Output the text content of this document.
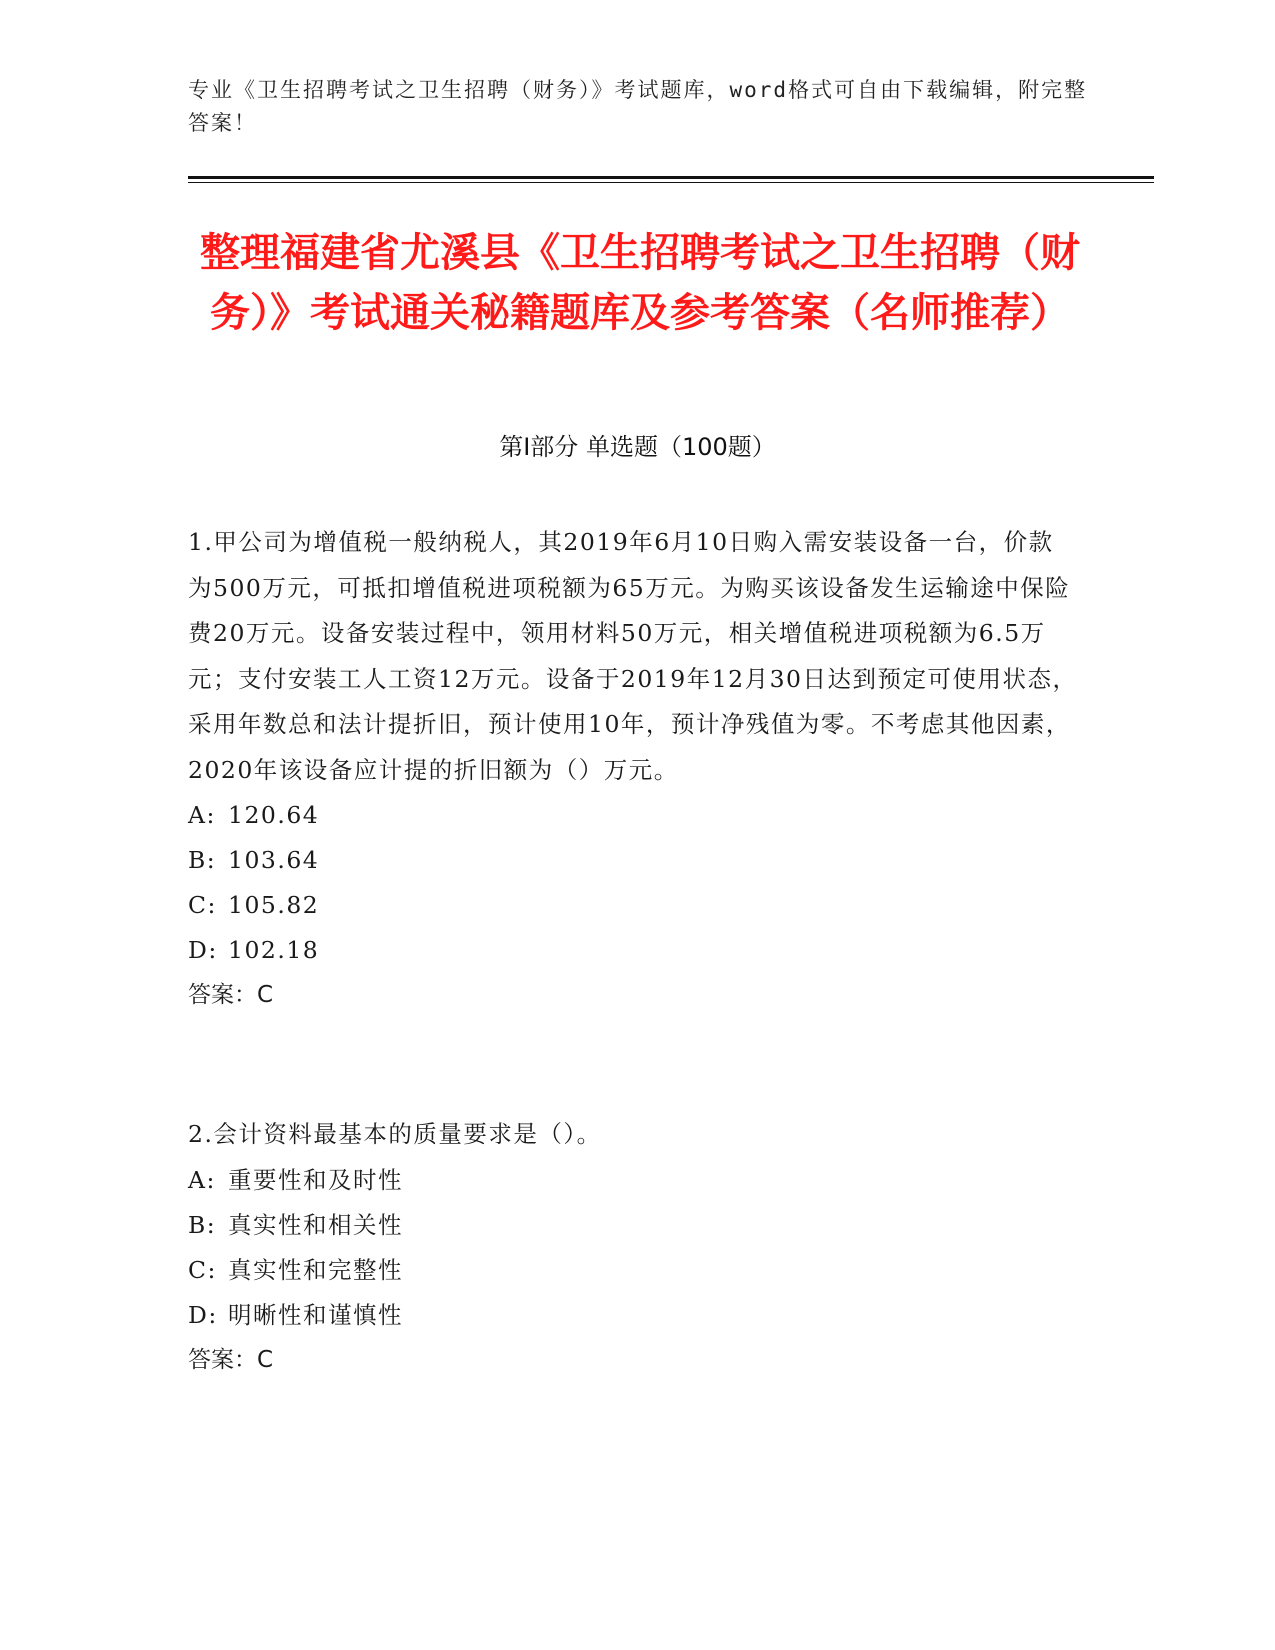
专业《卫生招聘考试之卫生招聘（财务）》考试题库，word格式可自由下载编辑，附完整答案！
整理福建省尤溪县《卫生招聘考试之卫生招聘（财务）》考试通关秘籍题库及参考答案（名师推荐）
第Ⅰ部分 单选题（100题）

1.甲公司为增值税一般纳税人，其2019年6月10日购入需安装设备一台，价款为500万元，可抵扣增值税进项税额为65万元。为购买该设备发生运输途中保险费20万元。设备安装过程中，领用材料50万元，相关增值税进项税额为6.5万元；支付安装工人工资12万元。设备于2019年12月30日达到预定可使用状态，采用年数总和法计提折旧，预计使用10年，预计净残值为零。不考虑其他因素，2020年该设备应计提的折旧额为（）万元。

A: 120.64

B: 103.64

C: 105.82

D: 102.18

答案：C

2.会计资料最基本的质量要求是（）。

A: 重要性和及时性

B: 真实性和相关性

C: 真实性和完整性

D: 明晰性和谨慎性

答案：C
